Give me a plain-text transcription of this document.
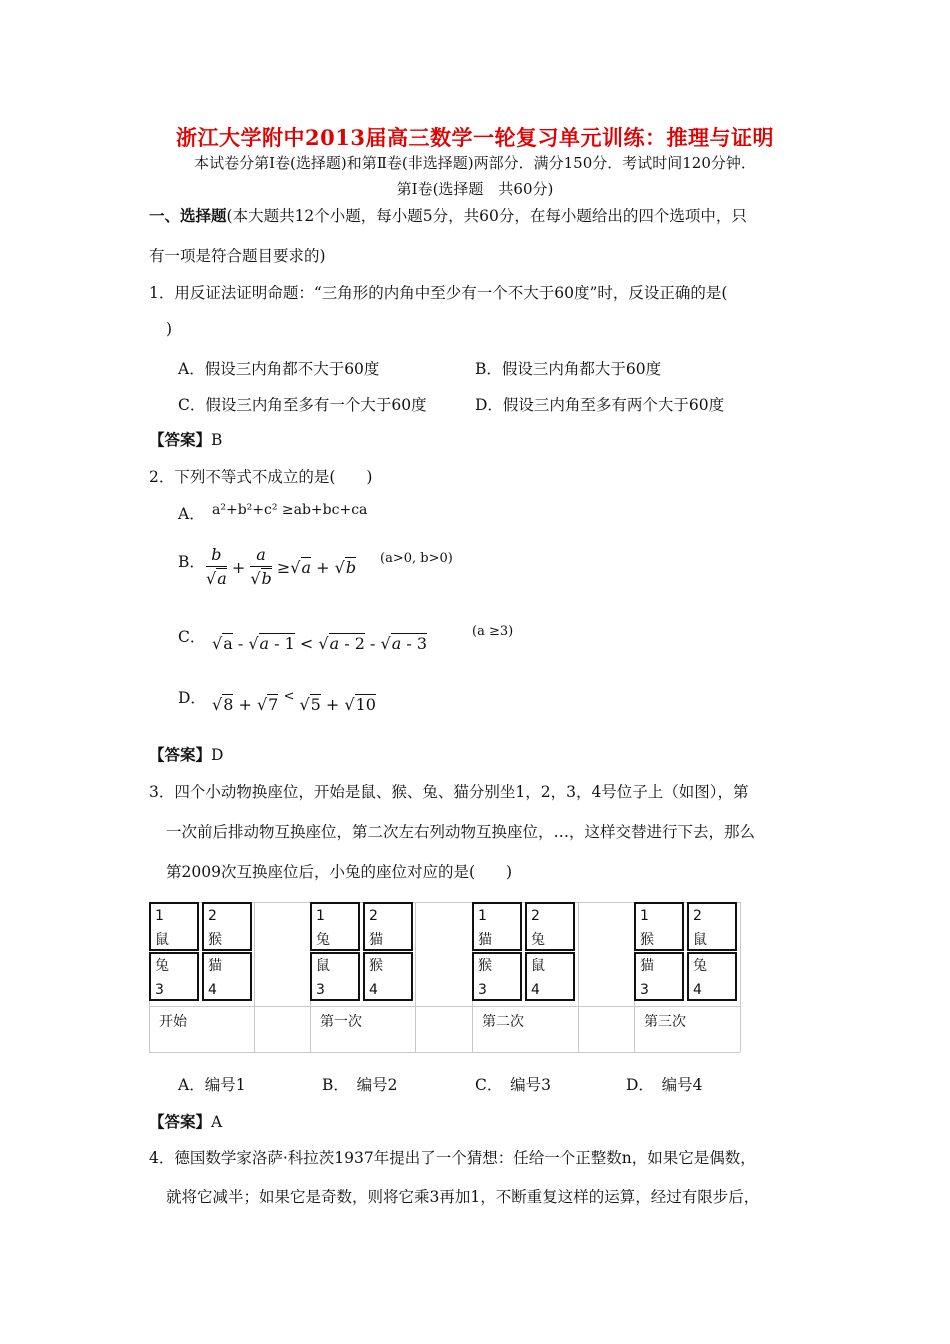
浙江大学附中2013届高三数学一轮复习单元训练：推理与证明
本试卷分第Ⅰ卷(选择题)和第Ⅱ卷(非选择题)两部分．满分150分．考试时间120分钟．
第Ⅰ卷(选择题　共60分)
一、选择题(本大题共12个小题，每小题5分，共60分，在每小题给出的四个选项中，只
有一项是符合题目要求的)
1．用反证法证明命题：“三角形的内角中至少有一个不大于60度”时，反设正确的是(
)
A．假设三内角都不大于60度	B．假设三内角都大于60度
C．假设三内角至多有一个大于60度	D．假设三内角至多有两个大于60度
【答案】B
2．下列不等式不成立的是(　　)
A． a²+b²+c² ≥ab+bc+ca
B． $\frac{b}{√a} + \frac{a}{√b} \ge√a + √b$ (a>0, b>0)
C． √a - √a - 1 < √a - 2 - √a - 3
(a ≥3)
D． √8 + √7 < √5 + √10
【答案】D
3．四个小动物换座位，开始是鼠、猴、兔、猫分别坐1，2，3，4号位子上（如图），第
一次前后排动物互换座位，第二次左右列动物互换座位，…，这样交替进行下去，那么
第2009次互换座位后，小兔的座位对应的是(　　)
1
鼠
2
猴
兔
3
猫
4
开始
1
兔
2
猫
鼠
3
猴
4
第一次
1
猫
2
兔
猴
3
鼠
4
第二次
1
猴
2
鼠
猫
3
兔
4
第三次
A．编号1	B．　编号2	C．　编号3	D．　编号4
【答案】A
4．德国数学家洛萨·科拉茨1937年提出了一个猜想：任给一个正整数n，如果它是偶数，
就将它减半；如果它是奇数，则将它乘3再加1，不断重复这样的运算，经过有限步后，
